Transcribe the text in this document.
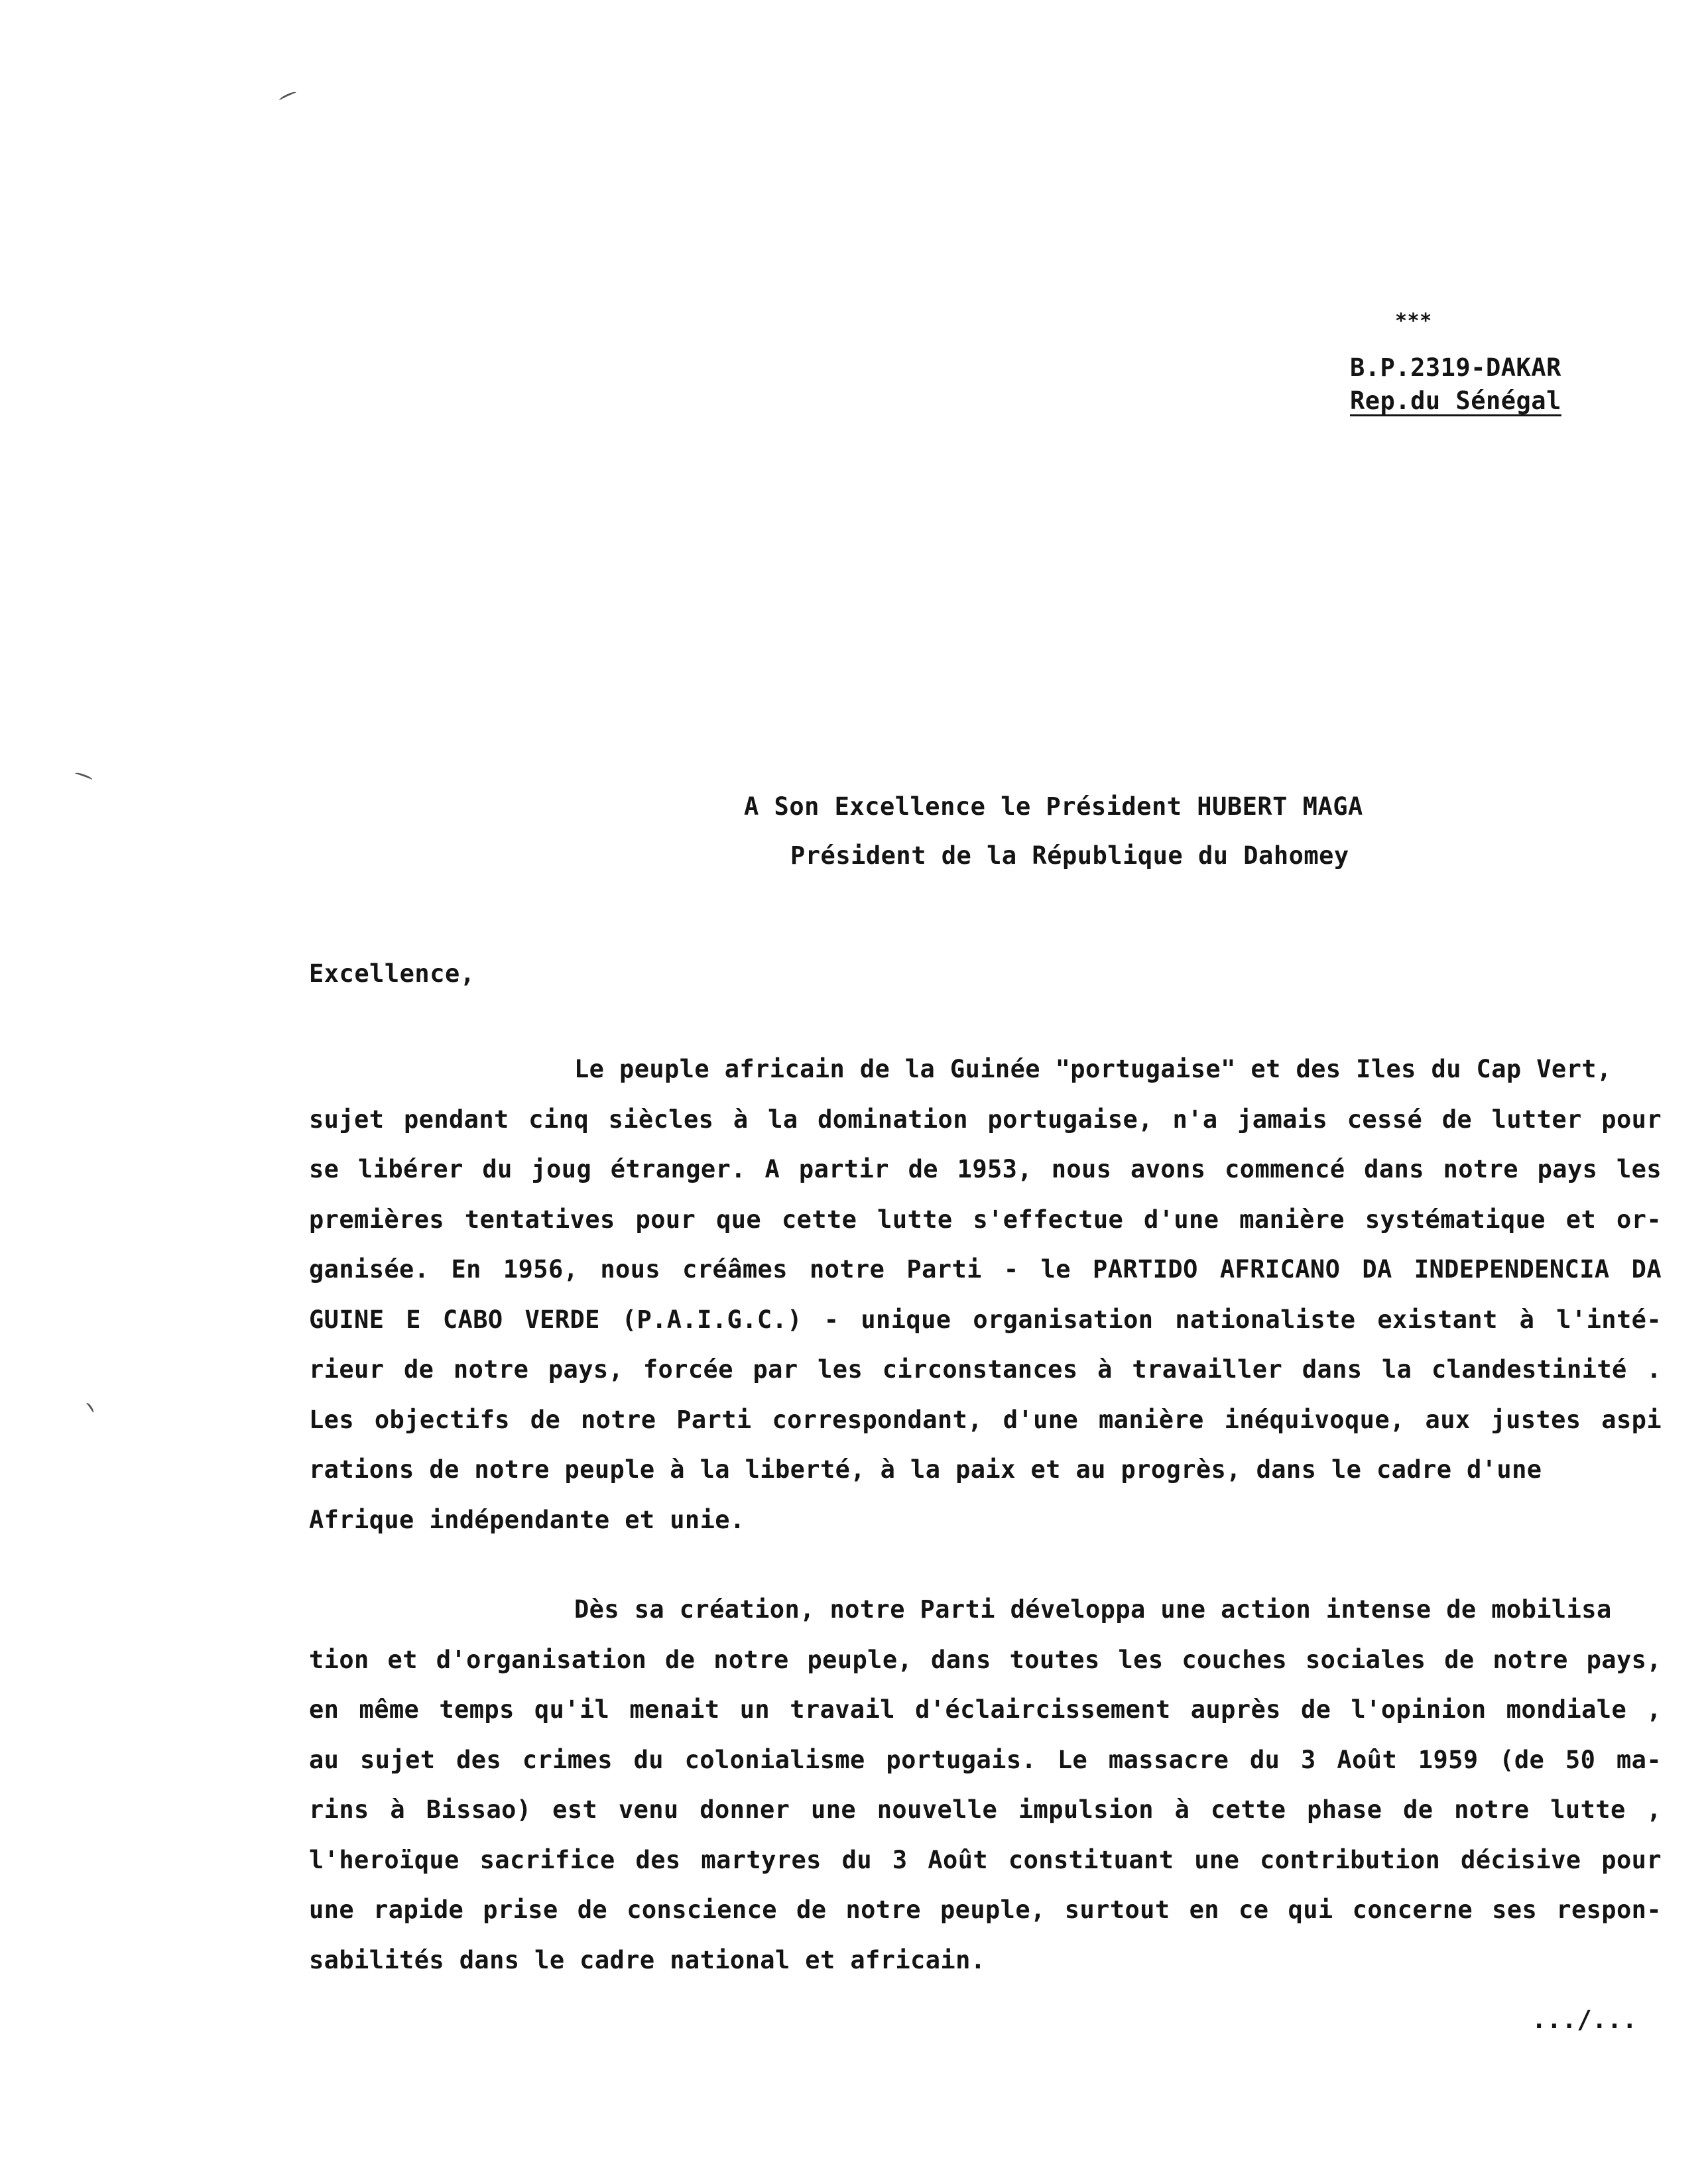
***
B.P.2319-DAKAR
Rep.du Sénégal
A Son Excellence le Président HUBERT MAGA
Président de la République du Dahomey
Excellence,
Le peuple africain de la Guinée "portugaise" et des Iles du Cap Vert,
sujet pendant cinq siècles à la domination portugaise, n'a jamais cessé de lutter pour
se libérer du joug étranger. A partir de 1953, nous avons commencé dans notre pays les
premières tentatives pour que cette lutte s'effectue d'une manière systématique et or-
ganisée. En 1956, nous créâmes notre Parti - le PARTIDO AFRICANO DA INDEPENDENCIA DA
GUINE E CABO VERDE (P.A.I.G.C.) - unique organisation nationaliste existant à l'inté-
rieur de notre pays, forcée par les circonstances à travailler dans la clandestinité .
Les objectifs de notre Parti correspondant, d'une manière inéquivoque, aux justes aspi
rations de notre peuple à la liberté, à la paix et au progrès, dans le cadre d'une
Afrique indépendante et unie.
Dès sa création, notre Parti développa une action intense de mobilisa
tion et d'organisation de notre peuple, dans toutes les couches sociales de notre pays,
en même temps qu'il menait un travail d'éclaircissement auprès de l'opinion mondiale ,
au sujet des crimes du colonialisme portugais. Le massacre du 3 Août 1959 (de 50 ma-
rins à Bissao) est venu donner une nouvelle impulsion à cette phase de notre lutte ,
l'heroïque sacrifice des martyres du 3 Août constituant une contribution décisive pour
une rapide prise de conscience de notre peuple, surtout en ce qui concerne ses respon-
sabilités dans le cadre national et africain.
.../...
